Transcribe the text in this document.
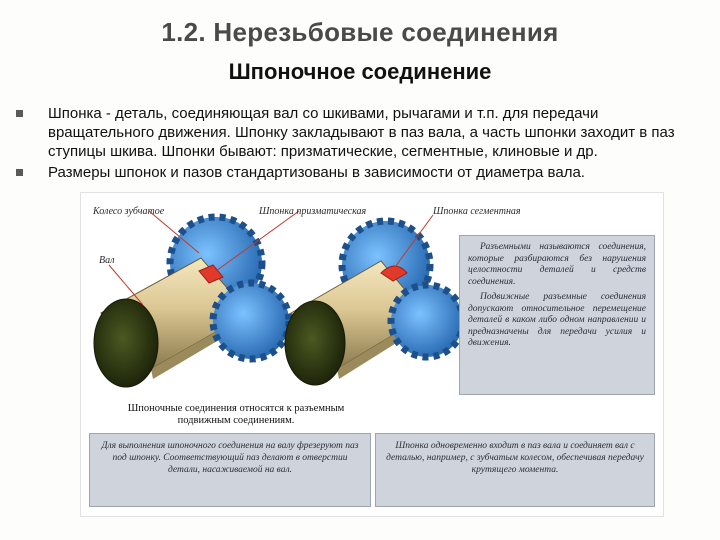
1.2. Нерезьбовые соединения
Шпоночное соединение
Шпонка - деталь, соединяющая вал со шкивами, рычагами и т.п. для передачи вращательного движения. Шпонку закладывают в паз вала, а часть шпонки заходит в паз ступицы шкива. Шпонки бывают: призматические, сегментные, клиновые и др.
Размеры шпонок и пазов стандартизованы в зависимости от диаметра вала.
Колесо зубчатое
Вал
Шпонка призматическая	Шпонка сегментная

Разъемными называются соединения, которые разбираются без нарушения целостности деталей и средств соединения.

Подвижные разъемные соединения допускают относительное перемещение деталей в каком либо одном направлении и предназначены для передачи усилия и движения.

Шпоночные соединения относятся к разъемным подвижным соединениям.
Для выполнения шпоночного соединения на валу фрезеруют паз под шпонку. Соответствующий паз делают в отверстии детали, насаживаемой на вал.
Шпонка одновременно входит в паз вала и соединяет вал с деталью, например, с зубчатым колесом, обеспечивая передачу крутящего момента.
